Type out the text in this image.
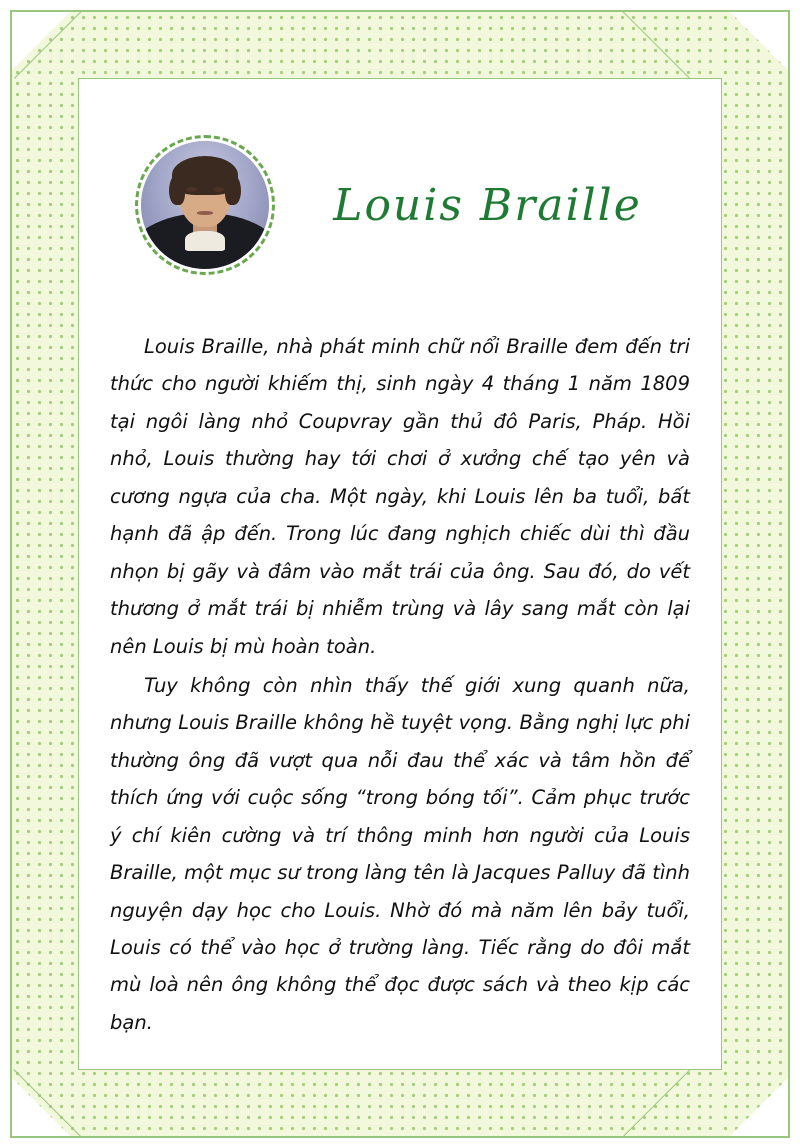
Louis Braille

Louis Braille, nhà phát minh chữ nổi Braille đem đến tri thức cho người khiếm thị, sinh ngày 4 tháng 1 năm 1809 tại ngôi làng nhỏ Coupvray gần thủ đô Paris, Pháp. Hồi nhỏ, Louis thường hay tới chơi ở xưởng chế tạo yên và cương ngựa của cha. Một ngày, khi Louis lên ba tuổi, bất hạnh đã ập đến. Trong lúc đang nghịch chiếc dùi thì đầu nhọn bị gãy và đâm vào mắt trái của ông. Sau đó, do vết thương ở mắt trái bị nhiễm trùng và lây sang mắt còn lại nên Louis bị mù hoàn toàn.

Tuy không còn nhìn thấy thế giới xung quanh nữa, nhưng Louis Braille không hề tuyệt vọng. Bằng nghị lực phi thường ông đã vượt qua nỗi đau thể xác và tâm hồn để thích ứng với cuộc sống “trong bóng tối”. Cảm phục trước ý chí kiên cường và trí thông minh hơn người của Louis Braille, một mục sư trong làng tên là Jacques Palluy đã tình nguyện dạy học cho Louis. Nhờ đó mà năm lên bảy tuổi, Louis có thể vào học ở trường làng. Tiếc rằng do đôi mắt mù loà nên ông không thể đọc được sách và theo kịp các bạn.
